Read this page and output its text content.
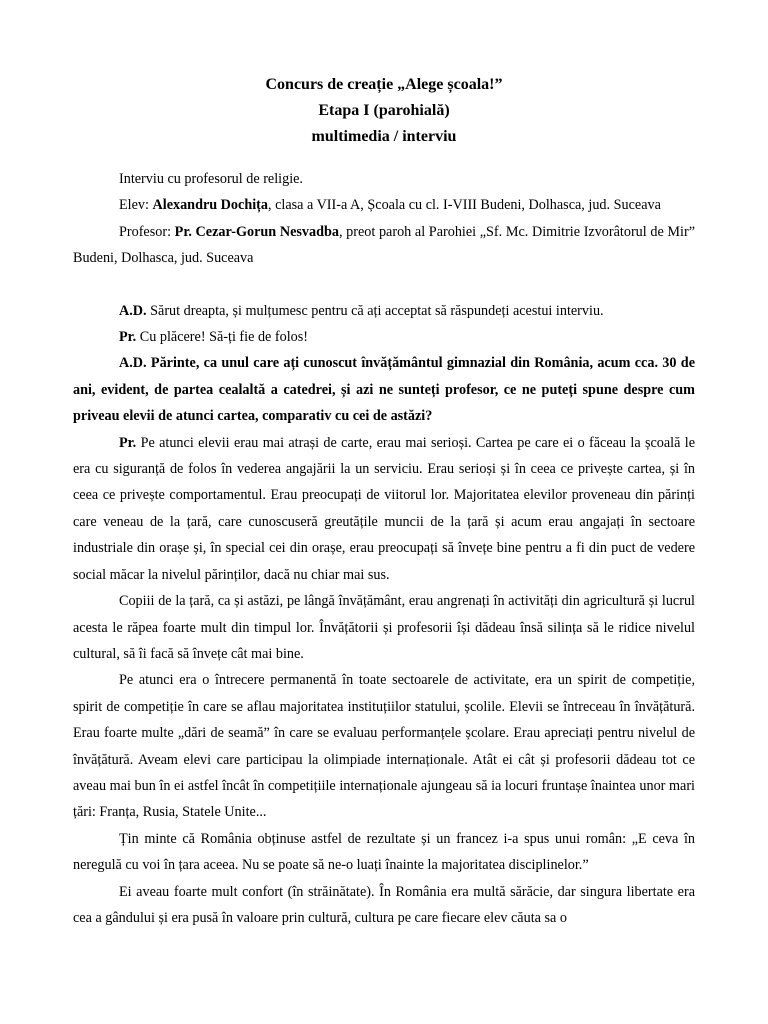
Concurs de creație „Alege școala!”
Etapa I (parohială)
multimedia / interviu

Interviu cu profesorul de religie.

Elev: Alexandru Dochița, clasa a VII-a A, Școala cu cl. I-VIII Budeni, Dolhasca, jud. Suceava

Profesor: Pr. Cezar-Gorun Nesvadba, preot paroh al Parohiei „Sf. Mc. Dimitrie Izvorâtorul de Mir” Budeni, Dolhasca, jud. Suceava

A.D. Sărut dreapta, și mulțumesc pentru că ați acceptat să răspundeți acestui interviu.

Pr. Cu plăcere! Să-ți fie de folos!

A.D. Părinte, ca unul care ați cunoscut învățământul gimnazial din România, acum cca. 30 de ani, evident, de partea cealaltă a catedrei, și azi ne sunteți profesor, ce ne puteți spune despre cum priveau elevii de atunci cartea, comparativ cu cei de astăzi?

Pr. Pe atunci elevii erau mai atrași de carte, erau mai serioși. Cartea pe care ei o făceau la școală le era cu siguranță de folos în vederea angajării la un serviciu. Erau serioși și în ceea ce privește cartea, și în ceea ce privește comportamentul. Erau preocupați de viitorul lor. Majoritatea elevilor proveneau din părinți care veneau de la țară, care cunoscuseră greutățile muncii de la țară și acum erau angajați în sectoare industriale din orașe și, în special cei din orașe, erau preocupați să învețe bine pentru a fi din puct de vedere social măcar la nivelul părinților, dacă nu chiar mai sus.

Copiii de la țară, ca și astăzi, pe lângă învățământ, erau angrenați în activități din agricultură și lucrul acesta le răpea foarte mult din timpul lor. Învățătorii și profesorii își dădeau însă silința să le ridice nivelul cultural, să îi facă să învețe cât mai bine.

Pe atunci era o întrecere permanentă în toate sectoarele de activitate, era un spirit de competiție, spirit de competiție în care se aflau majoritatea instituțiilor statului, școlile. Elevii se întreceau în învățătură. Erau foarte multe „dări de seamă” în care se evaluau performanțele școlare. Erau apreciați pentru nivelul de învățătură. Aveam elevi care participau la olimpiade internaționale. Atât ei cât și profesorii dădeau tot ce aveau mai bun în ei astfel încât în competițiile internaționale ajungeau să ia locuri fruntașe înaintea unor mari țări: Franța, Rusia, Statele Unite...

Țin minte că România obținuse astfel de rezultate și un francez i-a spus unui român: „E ceva în neregulă cu voi în țara aceea. Nu se poate să ne-o luați înainte la majoritatea disciplinelor.”

Ei aveau foarte mult confort (în străinătate). În România era multă sărăcie, dar singura libertate era cea a gândului și era pusă în valoare prin cultură, cultura pe care fiecare elev căuta sa o
